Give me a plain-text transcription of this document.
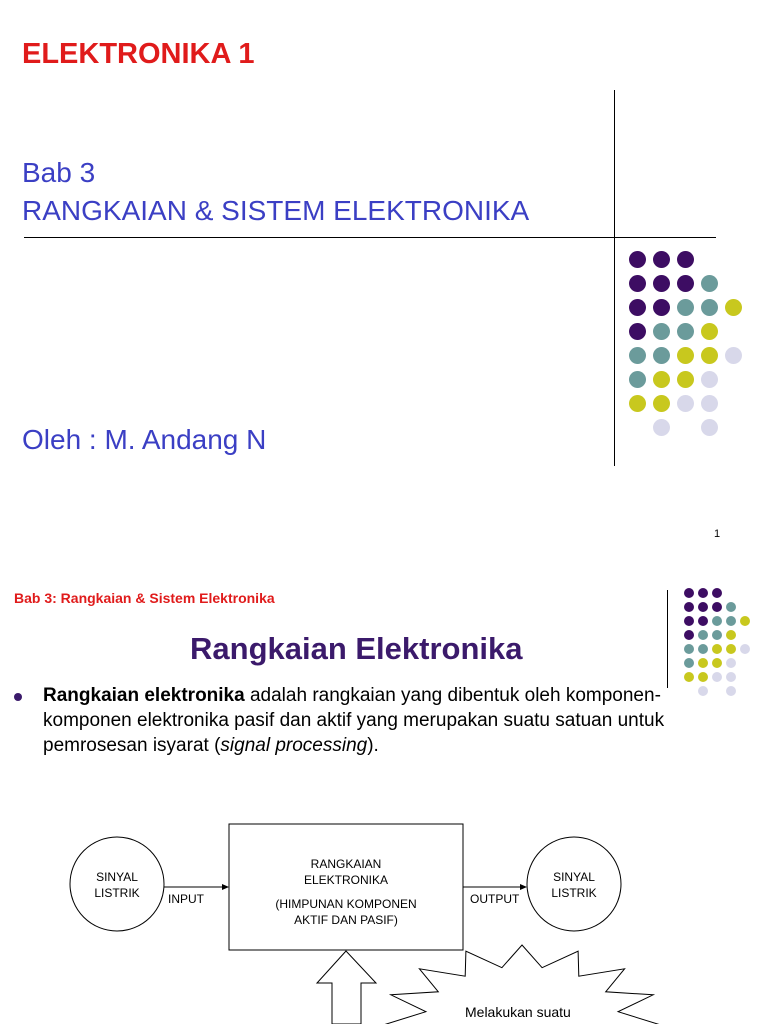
ELEKTRONIKA 1
Bab 3
RANGKAIAN & SISTEM ELEKTRONIKA
Oleh : M. Andang N
1
Bab 3: Rangkaian & Sistem Elektronika
Rangkaian Elektronika
Rangkaian elektronika adalah rangkaian yang dibentuk oleh komponen-komponen elektronika pasif dan aktif yang merupakan suatu satuan untuk pemrosesan isyarat (signal processing).
SINYAL
LISTRIK	INPUT
RANGKAIAN
ELEKTRONIKA
(HIMPUNAN KOMPONEN
AKTIF DAN PASIF)
OUTPUT
SINYAL
LISTRIK
Melakukan suatu
